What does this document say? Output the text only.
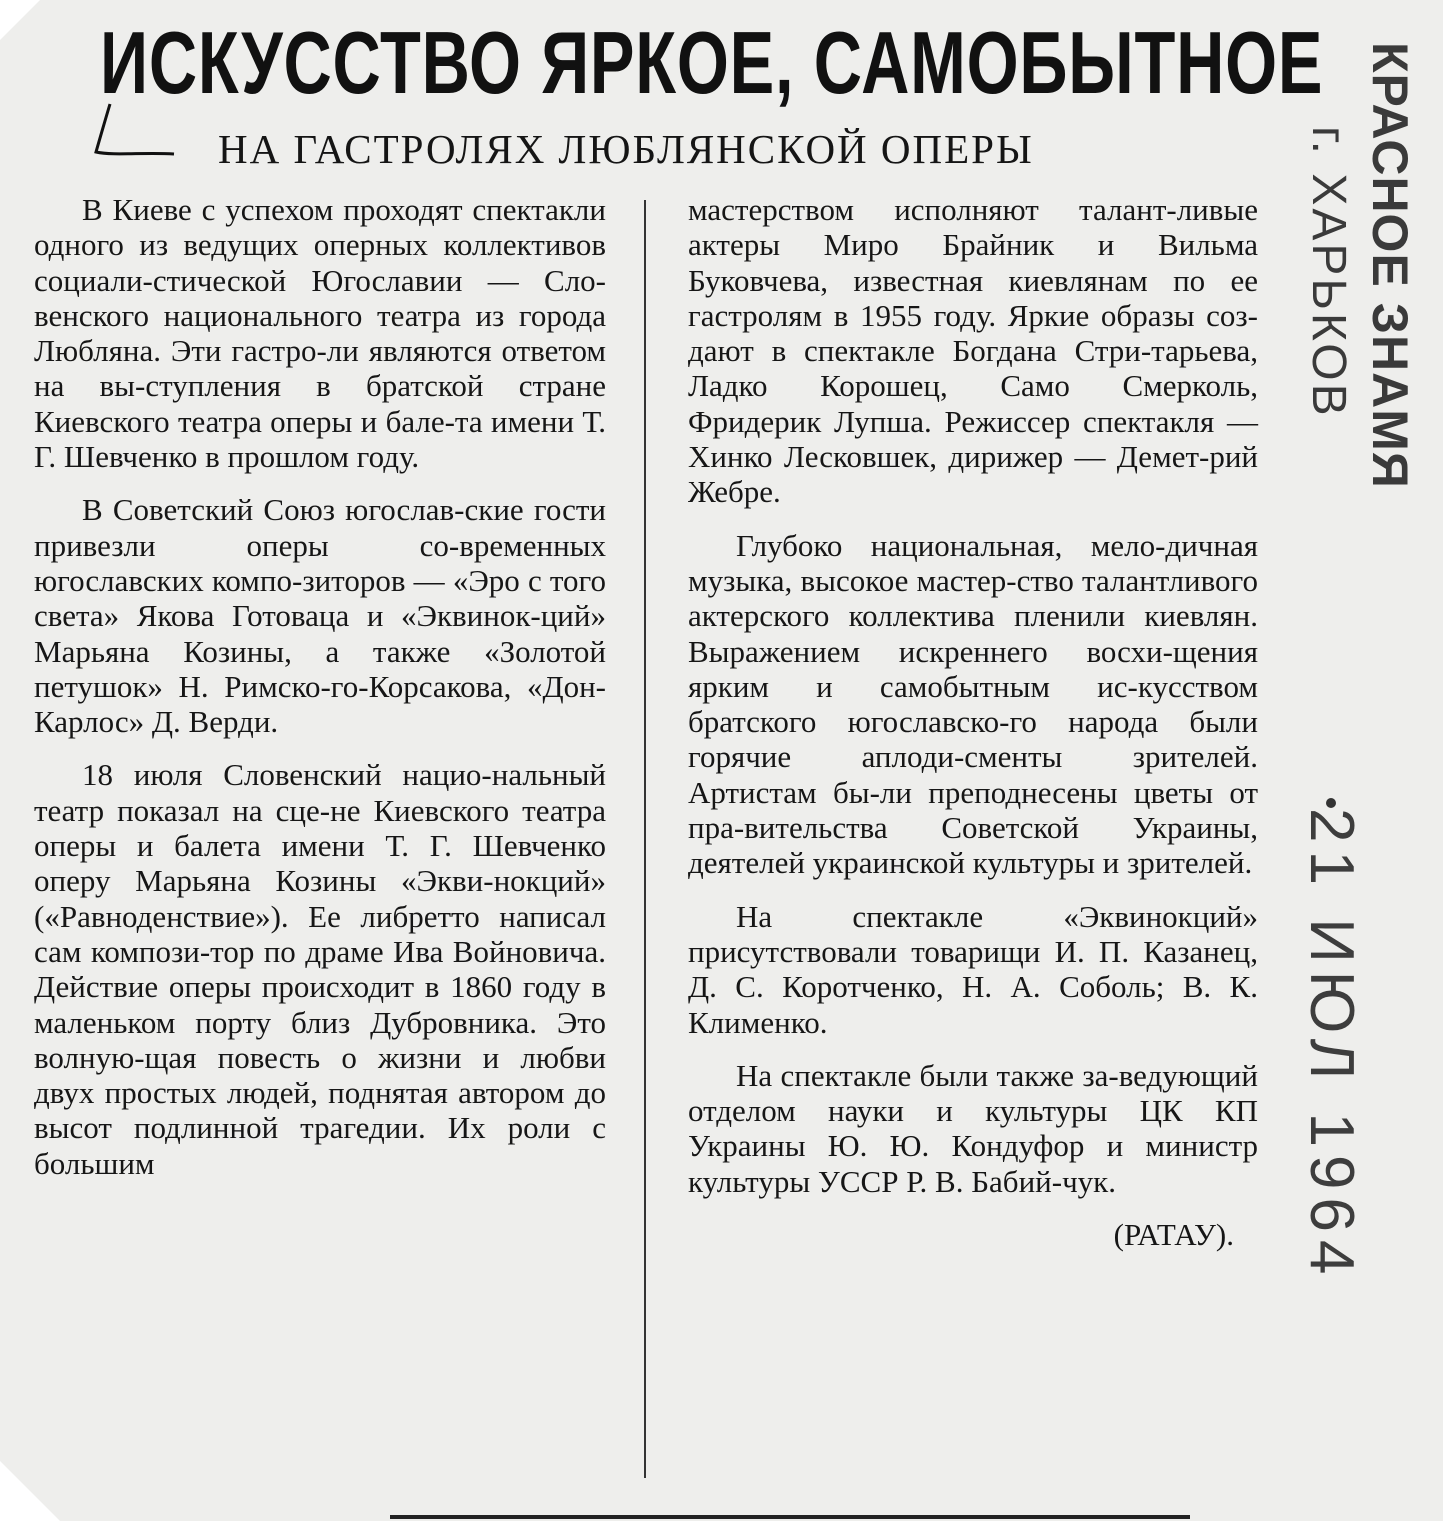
ИСКУССТВО ЯРКОЕ, САМОБЫТНОЕ
НА ГАСТРОЛЯХ ЛЮБЛЯНСКОЙ ОПЕРЫ

В Киеве с успехом проходят спектакли одного из ведущих оперных коллективов социали-стической Югославии — Сло-венского национального театра из города Любляна. Эти гастро-ли являются ответом на вы-ступления в братской стране Киевского театра оперы и бале-та имени Т. Г. Шевченко в прошлом году.

В Советский Союз югослав-ские гости привезли оперы со-временных югославских компо-зиторов — «Эро с того света» Якова Готоваца и «Эквинок-ций» Марьяна Козины, а также «Золотой петушок» Н. Римско-го-Корсакова, «Дон-Карлос» Д. Верди.

18 июля Словенский нацио-нальный театр показал на сце-не Киевского театра оперы и балета имени Т. Г. Шевченко оперу Марьяна Козины «Экви-нокций» («Равноденствие»). Ее либретто написал сам компози-тор по драме Ива Войновича. Действие оперы происходит в 1860 году в маленьком порту близ Дубровника. Это волную-щая повесть о жизни и любви двух простых людей, поднятая автором до высот подлинной трагедии. Их роли с большим

мастерством исполняют талант-ливые актеры Миро Брайник и Вильма Буковчева, известная киевлянам по ее гастролям в 1955 году. Яркие образы соз-дают в спектакле Богдана Стри-тарьева, Ладко Корошец, Само Смерколь, Фридерик Лупша. Режиссер спектакля — Хинко Лесковшек, дирижер — Демет-рий Жебре.

Глубоко национальная, мело-дичная музыка, высокое мастер-ство талантливого актерского коллектива пленили киевлян. Выражением искреннего восхи-щения ярким и самобытным ис-кусством братского югославско-го народа были горячие аплоди-сменты зрителей. Артистам бы-ли преподнесены цветы от пра-вительства Советской Украины, деятелей украинской культуры и зрителей.

На спектакле «Эквинокций» присутствовали товарищи И. П. Казанец, Д. С. Коротченко, Н. А. Соболь; В. К. Клименко.

На спектакле были также за-ведующий отделом науки и культуры ЦК КП Украины Ю. Ю. Кондуфор и министр культуры УССР Р. В. Бабий-чук.

(РАТАУ).

КРАСНОЕ ЗНАМЯ
г. ХАРЬКОВ
21 ИЮЛ 1964
